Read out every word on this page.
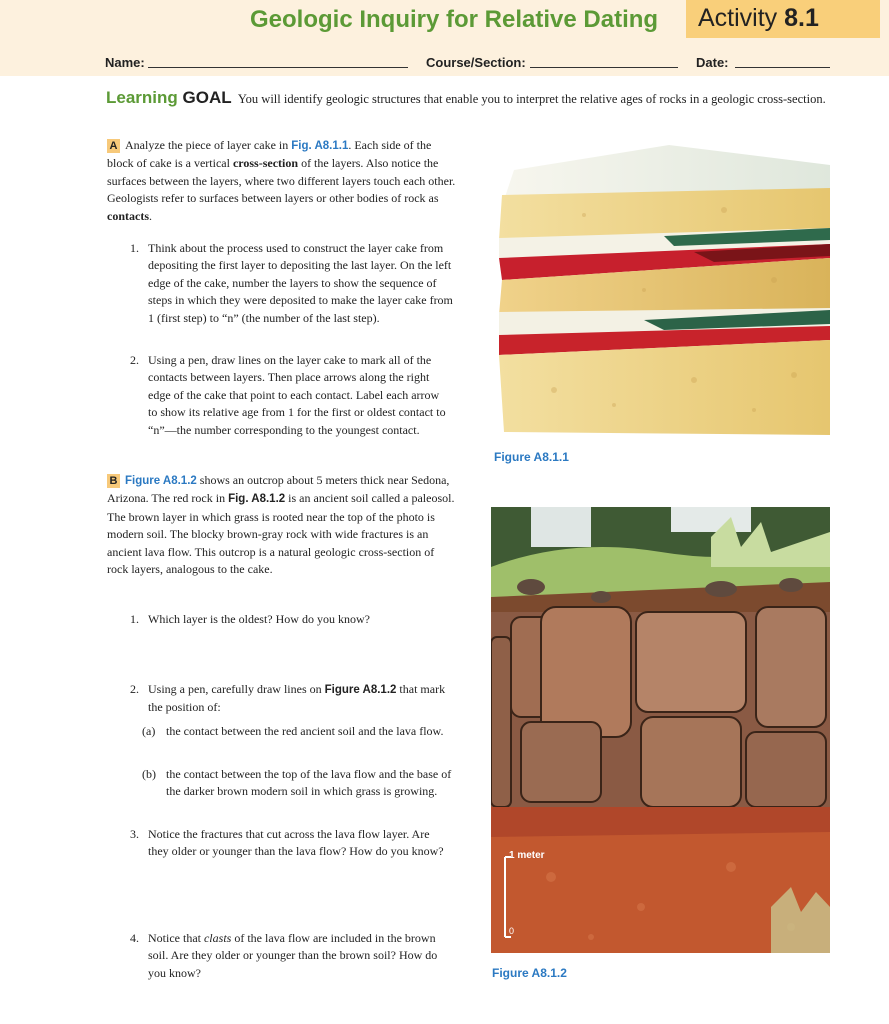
Geologic Inquiry for Relative Dating Activity 8.1
Name:	Course/Section:	Date:
Learning GOAL You will identify geologic structures that enable you to interpret the relative ages of rocks in a geologic cross-section.
A Analyze the piece of layer cake in Fig. A8.1.1. Each side of the block of cake is a vertical cross-section of the layers. Also notice the surfaces between the layers, where two different layers touch each other. Geologists refer to surfaces between layers or other bodies of rock as contacts.
1. Think about the process used to construct the layer cake from depositing the first layer to depositing the last layer. On the left edge of the cake, number the layers to show the sequence of steps in which they were deposited to make the layer cake from 1 (first step) to “n” (the number of the last step).
2. Using a pen, draw lines on the layer cake to mark all of the contacts between layers. Then place arrows along the right edge of the cake that point to each contact. Label each arrow to show its relative age from 1 for the first or oldest contact to “n”—the number corresponding to the youngest contact.
B Figure A8.1.2 shows an outcrop about 5 meters thick near Sedona, Arizona. The red rock in Fig. A8.1.2 is an ancient soil called a paleosol. The brown layer in which grass is rooted near the top of the photo is modern soil. The blocky brown-gray rock with wide fractures is an ancient lava flow. This outcrop is a natural geologic cross-section of rock layers, analogous to the cake.
1. Which layer is the oldest? How do you know?
2. Using a pen, carefully draw lines on Figure A8.1.2 that mark the position of:
(a) the contact between the red ancient soil and the lava flow.
(b) the contact between the top of the lava flow and the base of the darker brown modern soil in which grass is growing.
3. Notice the fractures that cut across the lava flow layer. Are they older or younger than the lava flow? How do you know?
4. Notice that clasts of the lava flow are included in the brown soil. Are they older or younger than the brown soil? How do you know?
Figure A8.1.1
1 meter
0
Figure A8.1.2
